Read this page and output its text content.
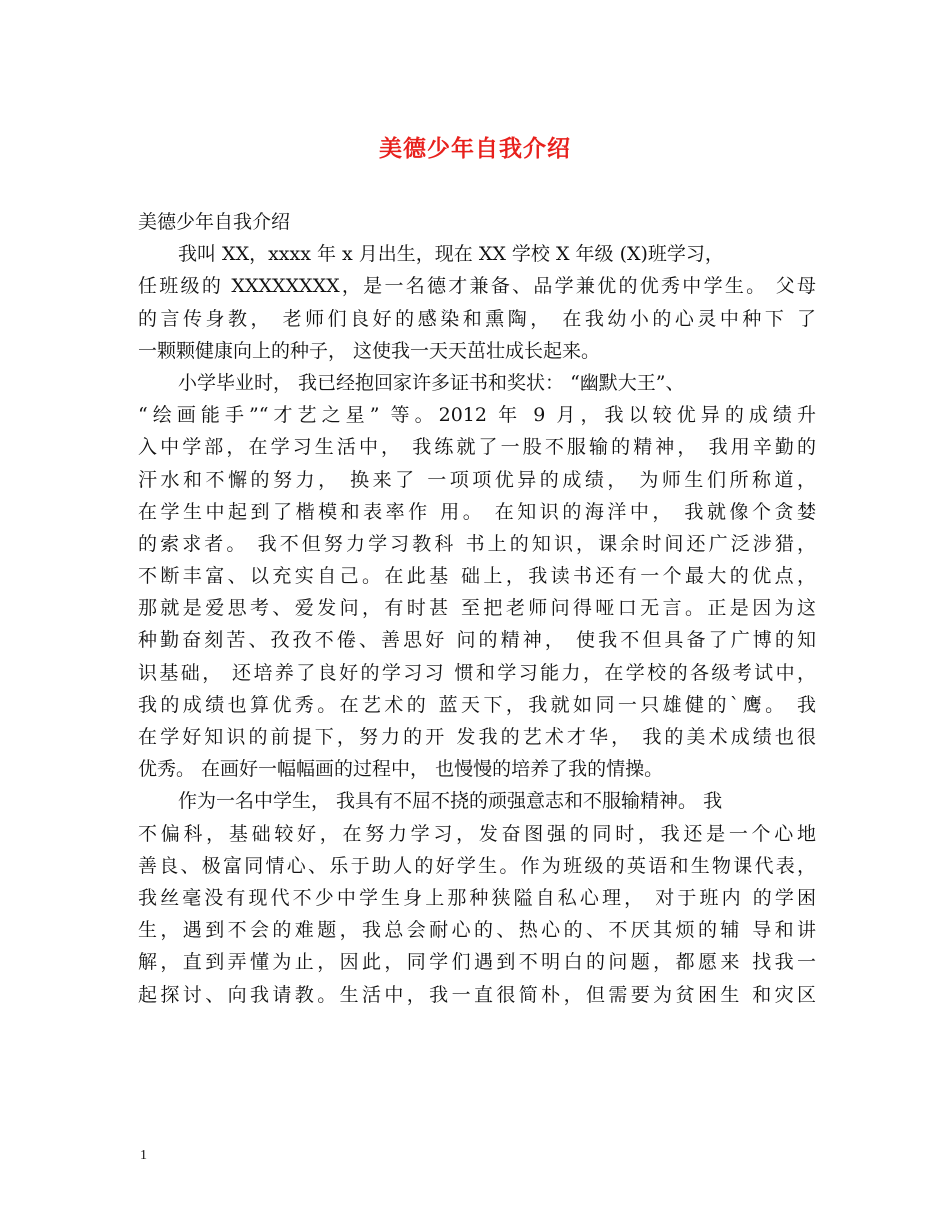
美德少年自我介绍
美德少年自我介绍
我叫 XX，xxxx 年 x 月出生，现在 XX 学校 X 年级 (X)班学习，
任班级的 XXXXXXXX，是一名德才兼备、品学兼优的优秀中学生。 父母
的言传身教， 老师们良好的感染和熏陶， 在我幼小的心灵中种下 了
一颗颗健康向上的种子， 这使我一天天茁壮成长起来。
小学毕业时， 我已经抱回家许多证书和奖状： “幽默大王”、
“绘画能手”“才艺之星” 等。2012 年 9 月，我以较优异的成绩升
入中学部，在学习生活中， 我练就了一股不服输的精神， 我用辛勤的
汗水和不懈的努力， 换来了 一项项优异的成绩， 为师生们所称道，
在学生中起到了楷模和表率作 用。 在知识的海洋中， 我就像个贪婪
的索求者。 我不但努力学习教科 书上的知识，课余时间还广泛涉猎，
不断丰富、以充实自己。在此基 础上，我读书还有一个最大的优点，
那就是爱思考、爱发问，有时甚 至把老师问得哑口无言。正是因为这
种勤奋刻苦、孜孜不倦、善思好 问的精神， 使我不但具备了广博的知
识基础， 还培养了良好的学习习 惯和学习能力，在学校的各级考试中，
我的成绩也算优秀。在艺术的 蓝天下，我就如同一只雄健的`鹰。 我
在学好知识的前提下，努力的开 发我的艺术才华， 我的美术成绩也很
优秀。 在画好一幅幅画的过程中， 也慢慢的培养了我的情操。
作为一名中学生， 我具有不屈不挠的顽强意志和不服输精神。 我
不偏科，基础较好，在努力学习，发奋图强的同时，我还是一个心地
善良、极富同情心、乐于助人的好学生。作为班级的英语和生物课代表，
我丝毫没有现代不少中学生身上那种狭隘自私心理， 对于班内 的学困
生，遇到不会的难题，我总会耐心的、热心的、不厌其烦的辅 导和讲
解，直到弄懂为止，因此，同学们遇到不明白的问题，都愿来 找我一
起探讨、向我请教。生活中，我一直很简朴，但需要为贫困生 和灾区
1
